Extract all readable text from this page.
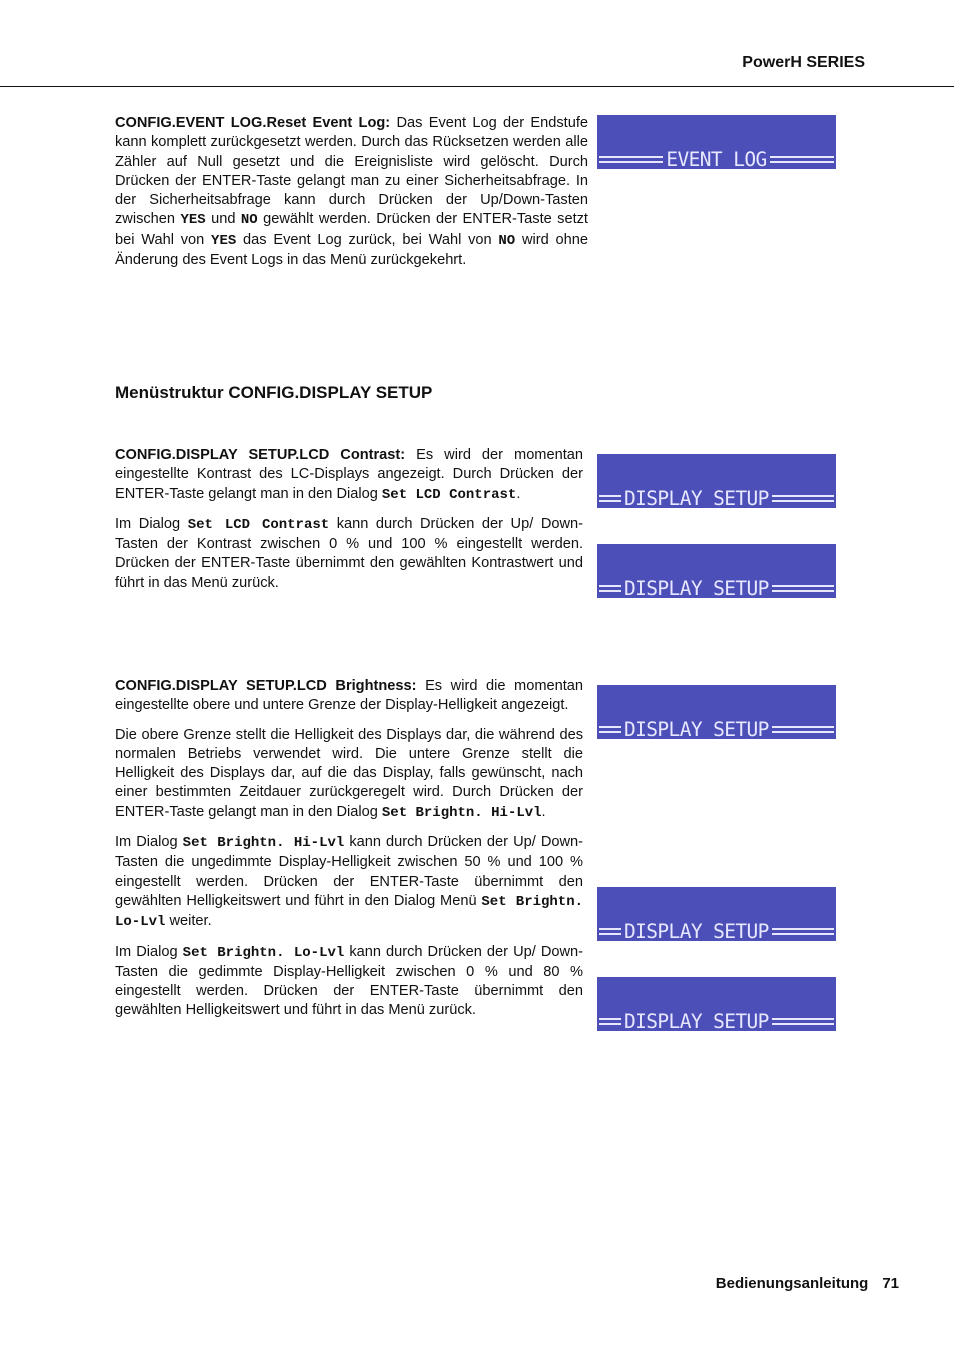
PowerH SERIES

CONFIG.EVENT LOG.Reset Event Log: Das Event Log der Endstufe kann komplett zurückgesetzt werden. Durch das Rücksetzen werden alle Zähler auf Null gesetzt und die Ereignisliste wird gelöscht. Durch Drücken der ENTER-Taste gelangt man zu einer Sicherheitsabfrage. In der Sicherheitsabfrage kann durch Drücken der Up/Down-Tasten zwischen YES und NO gewählt werden. Drücken der ENTER-Taste setzt bei Wahl von YES das Event Log zurück, bei Wahl von NO wird ohne Änderung des Event Logs in das Menü zurückgekehrt.

EVENT LOG

Menüstruktur CONFIG.DISPLAY SETUP

CONFIG.DISPLAY SETUP.LCD Contrast: Es wird der momentan eingestellte Kontrast des LC-Displays angezeigt. Durch Drücken der ENTER-Taste gelangt man in den Dialog Set LCD Contrast.

Im Dialog Set LCD Contrast kann durch Drücken der Up/ Down-Tasten der Kontrast zwischen 0 % und 100 % eingestellt werden. Drücken der ENTER-Taste übernimmt den gewählten Kontrastwert und führt in das Menü zurück.

DISPLAY SETUP

DISPLAY SETUP

CONFIG.DISPLAY SETUP.LCD Brightness: Es wird die momentan eingestellte obere und untere Grenze der Display-Helligkeit angezeigt.

Die obere Grenze stellt die Helligkeit des Displays dar, die während des normalen Betriebs verwendet wird. Die untere Grenze stellt die Helligkeit des Displays dar, auf die das Display, falls gewünscht, nach einer bestimmten Zeitdauer zurückgeregelt wird. Durch Drücken der ENTER-Taste gelangt man in den Dialog Set Brightn. Hi-Lvl.

Im Dialog Set Brightn. Hi-Lvl kann durch Drücken der Up/ Down-Tasten die ungedimmte Display-Helligkeit zwischen 50 % und 100 % eingestellt werden. Drücken der ENTER-Taste übernimmt den gewählten Helligkeitswert und führt in den Dialog Menü Set Brightn. Lo-Lvl weiter.

Im Dialog Set Brightn. Lo-Lvl kann durch Drücken der Up/ Down-Tasten die gedimmte Display-Helligkeit zwischen 0 % und 80 % eingestellt werden. Drücken der ENTER-Taste übernimmt den gewählten Helligkeitswert und führt in das Menü zurück.

DISPLAY SETUP

DISPLAY SETUP

DISPLAY SETUP

Bedienungsanleitung 71
